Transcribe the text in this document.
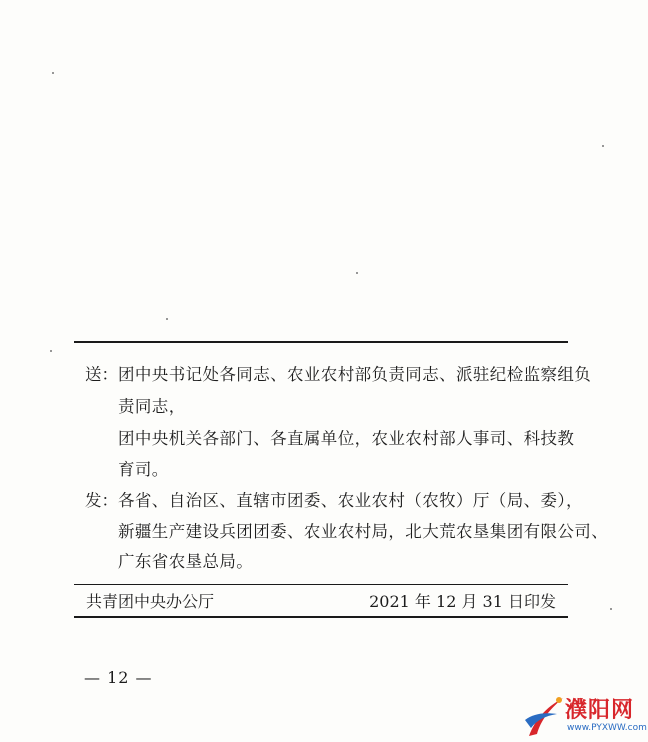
送： 团中央书记处各同志、农业农村部负责同志、派驻纪检监察组负
责同志，
团中央机关各部门、各直属单位，农业农村部人事司、科技教
育司。
发： 各省、自治区、直辖市团委、农业农村（农牧）厅（局、委），
新疆生产建设兵团团委、农业农村局，北大荒农垦集团有限公司、
广东省农垦总局。
共青团中央办公厅	2021 年 12 月 31 日印发
— 12 —
濮阳网
www.PYXWW.com
